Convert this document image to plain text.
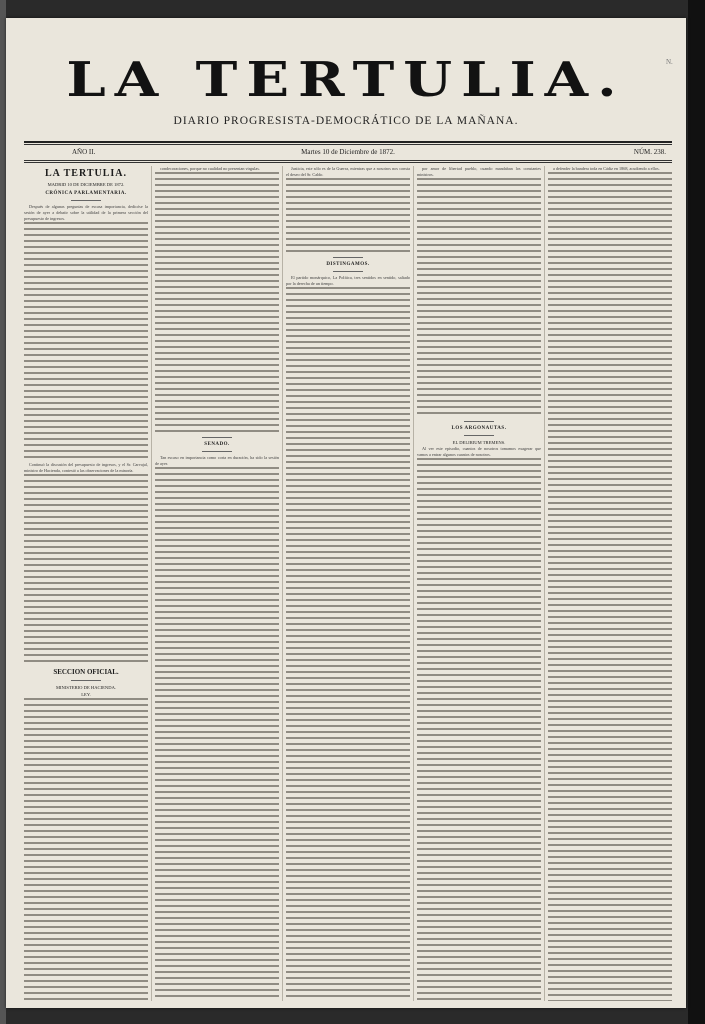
N.
LA TERTULIA.
DIARIO PROGRESISTA-DEMOCRÁTICO DE LA MAÑANA.
AÑO II.	Martes 10 de Diciembre de 1872.	NÚM. 238.
LA TERTULIA.
MADRID 10 DE DICIEMBRE DE 1872.
CRÓNICA PARLAMENTARIA.

Después de algunas preguntas de escasa importancia, dedicóse la sesión de ayer a debatir sobre la utilidad de la primera sección del presupuesto de ingresos.

Continuó la discusión del presupuesto de ingresos, y el Sr. Carvajal, ministro de Hacienda, contestó a las observaciones de la minoría.

SECCION OFICIAL.
MINISTERIO DE HACIENDA.
LEY.

condecoraciones, porque no cualidad no presentan virgulas.

SENADO.

Tan escaso en importancia como corta en duración, ha sido la sesión de ayer.

Justicia, este sólo es de la Guerra, mientras que a nosotros nos consta el deseo del Sr. Caldo.

DISTINGAMOS.

El partido monárquico, La Política, tres sentidos en sentido, saltado por la derecha de un tiempo.

por amor de libertad pueblo, cuando mandaban los constantes ministros.

LOS ARGONAUTAS.
EL DELIRIUM TREMENS.

Al ver este episodio, cuantos de nosotros tomamos exagerar que vamos a entrar algunos cuantos de nosotros.

a defender la bandera toda en Cádiz en 1868, acudiendo a ellos.
